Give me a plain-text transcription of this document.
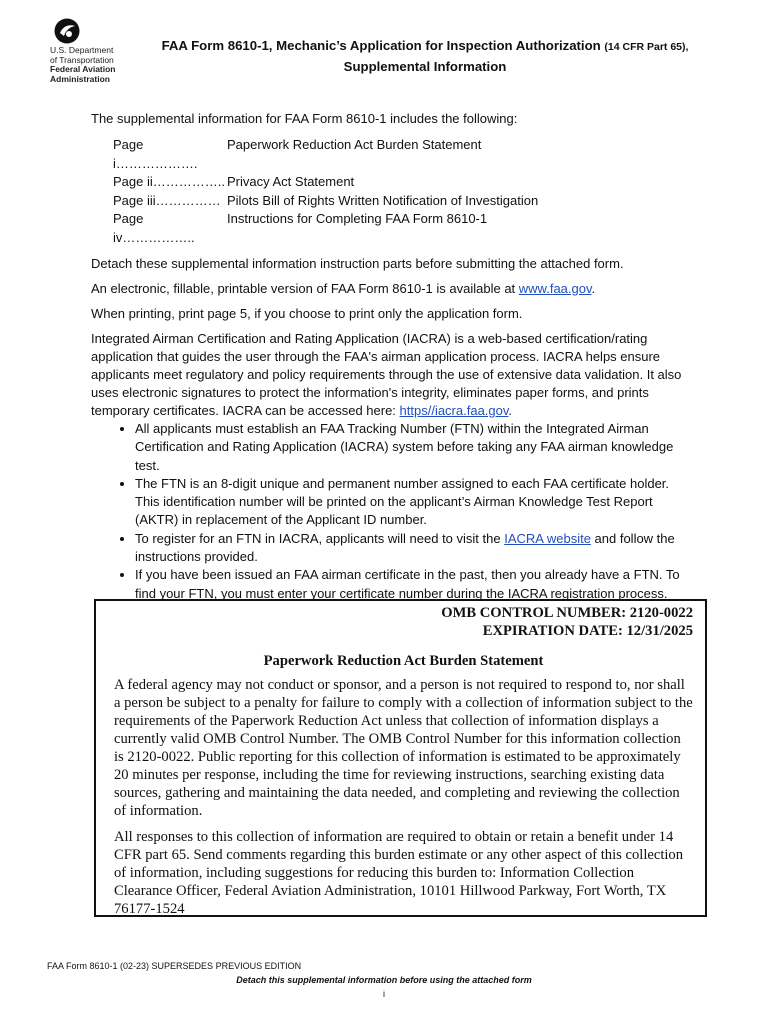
U.S. Department
of Transportation
Federal Aviation
Administration
FAA Form 8610-1, Mechanic’s Application for Inspection Authorization (14 CFR Part 65),
Supplemental Information

The supplemental information for FAA Form 8610-1 includes the following:

Page i……………….
Paperwork Reduction Act Burden Statement
Page ii…………….. Privacy Act Statement
Page iii…………… Pilots Bill of Rights Written Notification of Investigation
Page iv……………..
Instructions for Completing FAA Form 8610-1

Detach these supplemental information instruction parts before submitting the attached form.

An electronic, fillable, printable version of FAA Form 8610-1 is available at www.faa.gov.

When printing, print page 5, if you choose to print only the application form.

Integrated Airman Certification and Rating Application (IACRA) is a web-based certification/rating application that guides the user through the FAA's airman application process. IACRA helps ensure applicants meet regulatory and policy requirements through the use of extensive data validation. It also uses electronic signatures to protect the information's integrity, eliminates paper forms, and prints temporary certificates. IACRA can be accessed here: https//iacra.faa.gov.

• All applicants must establish an FAA Tracking Number (FTN) within the Integrated Airman Certification and Rating Application (IACRA) system before taking any FAA airman knowledge test.
• The FTN is an 8-digit unique and permanent number assigned to each FAA certificate holder. This identification number will be printed on the applicant’s Airman Knowledge Test Report (AKTR) in replacement of the Applicant ID number.
• To register for an FTN in IACRA, applicants will need to visit the IACRA website and follow the instructions provided.
• If you have been issued an FAA airman certificate in the past, then you already have a FTN. To find your FTN, you must enter your certificate number during the IACRA registration process.
OMB CONTROL NUMBER: 2120-0022
EXPIRATION DATE: 12/31/2025
Paperwork Reduction Act Burden Statement

A federal agency may not conduct or sponsor, and a person is not required to respond to, nor shall a person be subject to a penalty for failure to comply with a collection of information subject to the requirements of the Paperwork Reduction Act unless that collection of information displays a currently valid OMB Control Number. The OMB Control Number for this information collection is 2120-0022. Public reporting for this collection of information is estimated to be approximately 20 minutes per response, including the time for reviewing instructions, searching existing data sources, gathering and maintaining the data needed, and completing and reviewing the collection of information.

All responses to this collection of information are required to obtain or retain a benefit under 14 CFR part 65. Send comments regarding this burden estimate or any other aspect of this collection of information, including suggestions for reducing this burden to: Information Collection Clearance Officer, Federal Aviation Administration, 10101 Hillwood Parkway, Fort Worth, TX 76177-1524

FAA Form 8610-1 (02-23) SUPERSEDES PREVIOUS EDITION
Detach this supplemental information before using the attached form
i
